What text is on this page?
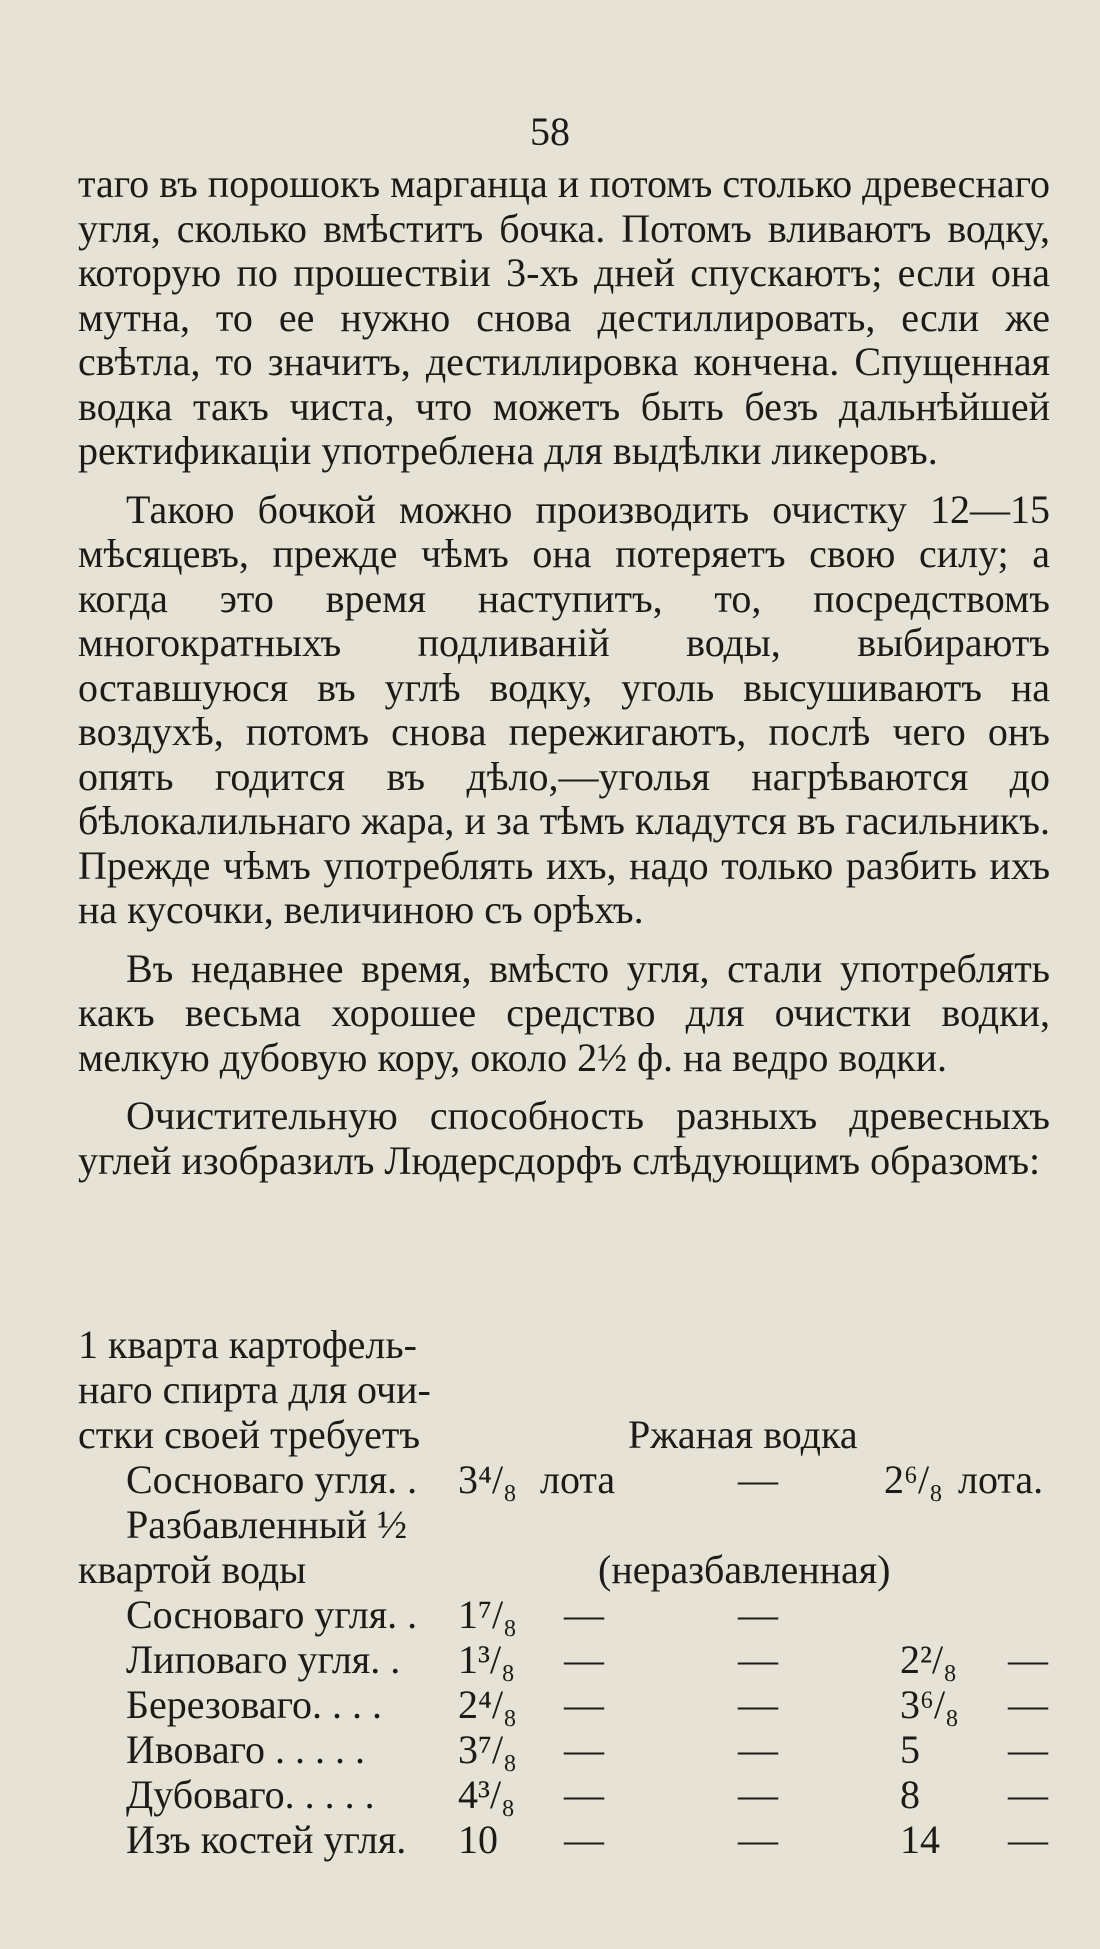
58

таго въ порошокъ марганца и потомъ столько древеснаго угля, сколько вмѣститъ бочка. Потомъ вливаютъ водку, которую по прошествіи 3-хъ дней спускаютъ; если она мутна, то ее нужно снова дестиллировать, если же свѣтла, то значитъ, дестиллировка кончена. Спущенная водка такъ чиста, что можетъ быть безъ дальнѣйшей ректификаціи употреблена для выдѣлки ликеровъ.

Такою бочкой можно производить очистку 12—15 мѣсяцевъ, прежде чѣмъ она потеряетъ свою силу; а когда это время наступитъ, то, посредствомъ многократныхъ подливаній воды, выбираютъ оставшуюся въ углѣ водку, уголь высушиваютъ на воздухѣ, потомъ снова пережигаютъ, послѣ чего онъ опять годится въ дѣло,—уголья нагрѣваются до бѣлокалильнаго жара, и за тѣмъ кладутся въ гасильникъ. Прежде чѣмъ употреблять ихъ, надо только разбить ихъ на кусочки, величиною съ орѣхъ.

Въ недавнее время, вмѣсто угля, стали употреблять какъ весьма хорошее средство для очистки водки, мелкую дубовую кору, около 2½ ф. на ведро водки.

Очистительную способность разныхъ древесныхъ углей изобразилъ Людерсдорфъ слѣдующимъ образомъ:

1 кварта картофель-
наго спирта для очи-
стки своей требуетъ	Ржаная водка
Сосноваго угля. . 3⁴/₈ лота	—	2⁶/₈ лота.
Разбавленный ½
квартой воды	(неразбавленная)
Сосноваго угля. . 1⁷/₈ —	—
Липоваго угля. . 1³/₈ —	—	2²/₈ —
Березоваго. . . . 2⁴/₈ —	—	3⁶/₈ —
Ивоваго . . . . . 3⁷/₈ —	—	5 —
Дубоваго. . . . . 4³/₈ —	—	8 —
Изъ костей угля. 10 —	—	14 —
